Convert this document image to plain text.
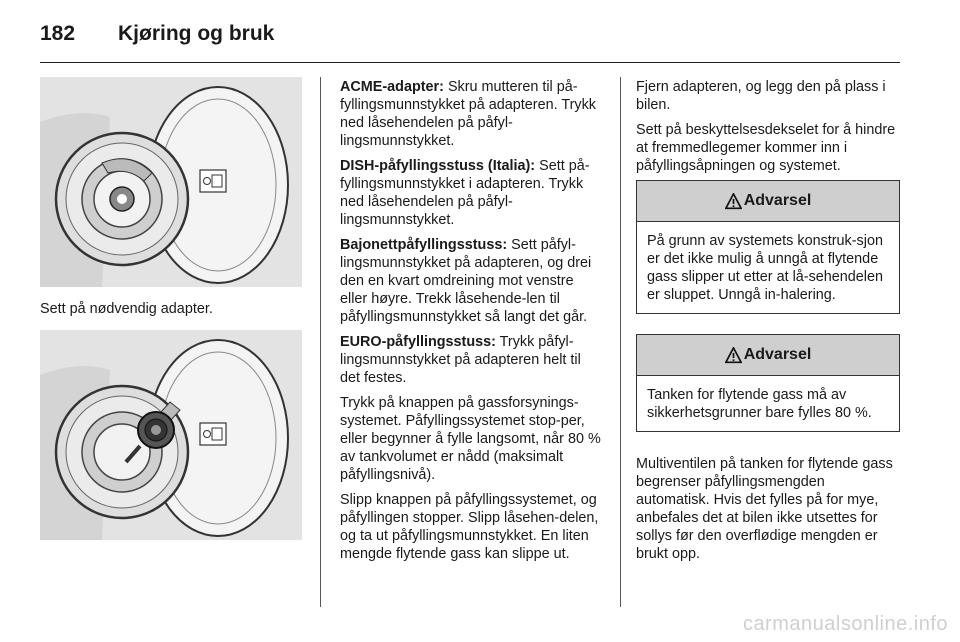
182 Kjøring og bruk
Sett på nødvendig adapter.

ACME-adapter: Skru mutteren til på-fyllingsmunnstykket på adapteren. Trykk ned låsehendelen på påfyl-lingsmunnstykket.

DISH-påfyllingsstuss (Italia): Sett på-fyllingsmunnstykket i adapteren. Trykk ned låsehendelen på påfyl-lingsmunnstykket.

Bajonettpåfyllingsstuss: Sett påfyl-lingsmunnstykket på adapteren, og drei den en kvart omdreining mot venstre eller høyre. Trekk låsehende-len til påfyllingsmunnstykket så langt det går.

EURO-påfyllingsstuss: Trykk påfyl-lingsmunnstykket på adapteren helt til det festes.

Trykk på knappen på gassforsynings-systemet. Påfyllingssystemet stop-per, eller begynner å fylle langsomt, når 80 % av tankvolumet er nådd (maksimalt påfyllingsnivå).

Slipp knappen på påfyllingssystemet, og påfyllingen stopper. Slipp låsehen-delen, og ta ut påfyllingsmunnstykket. En liten mengde flytende gass kan slippe ut.

Fjern adapteren, og legg den på plass i bilen.

Sett på beskyttelsesdekselet for å hindre at fremmedlegemer kommer inn i påfyllingsåpningen og systemet.

Advarsel
På grunn av systemets konstruk-sjon er det ikke mulig å unngå at flytende gass slipper ut etter at lå-sehendelen er sluppet. Unngå in-halering.
Advarsel
Tanken for flytende gass må av sikkerhetsgrunner bare fylles 80 %.

Multiventilen på tanken for flytende gass begrenser påfyllingsmengden automatisk. Hvis det fylles på for mye, anbefales det at bilen ikke utsettes for sollys før den overflødige mengden er brukt opp.

carmanualsonline.info
